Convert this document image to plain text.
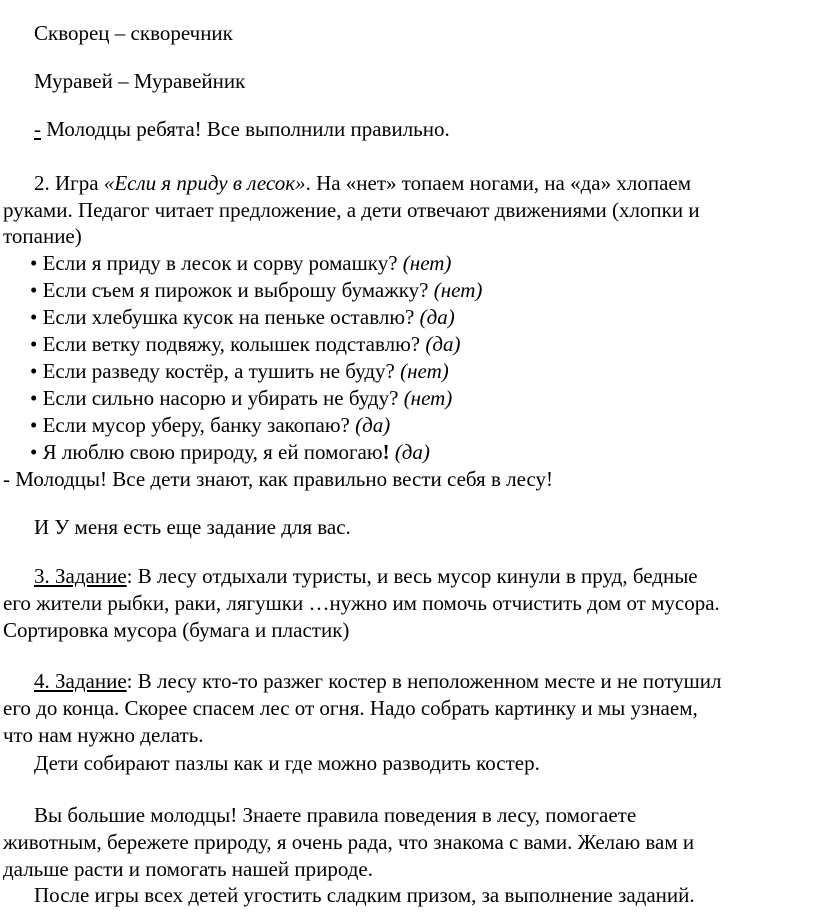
Скворец – скворечник
Муравей – Муравейник
- Молодцы ребята! Все выполнили правильно.
2. Игра «Если я приду в лесок». На «нет» топаем ногами, на «да» хлопаем
руками. Педагог читает предложение, а дети отвечают движениями (хлопки и
топание)
• Если я приду в лесок и сорву ромашку? (нет)
• Если съем я пирожок и выброшу бумажку? (нет)
• Если хлебушка кусок на пеньке оставлю? (да)
• Если ветку подвяжу, колышек подставлю? (да)
• Если разведу костёр, а тушить не буду? (нет)
• Если сильно насорю и убирать не буду? (нет)
• Если мусор уберу, банку закопаю? (да)
• Я люблю свою природу, я ей помогаю! (да)
- Молодцы! Все дети знают, как правильно вести себя в лесу!
И У меня есть еще задание для вас.
3. Задание: В лесу отдыхали туристы, и весь мусор кинули в пруд, бедные
его жители рыбки, раки, лягушки …нужно им помочь отчистить дом от мусора.
Сортировка мусора (бумага и пластик)
4. Задание: В лесу кто-то разжег костер в неположенном месте и не потушил
его до конца. Скорее спасем лес от огня. Надо собрать картинку и мы узнаем,
что нам нужно делать.
Дети собирают пазлы как и где можно разводить костер.
Вы большие молодцы! Знаете правила поведения в лесу, помогаете
животным, бережете природу, я очень рада, что знакома с вами. Желаю вам и
дальше расти и помогать нашей природе.
После игры всех детей угостить сладким призом, за выполнение заданий.
